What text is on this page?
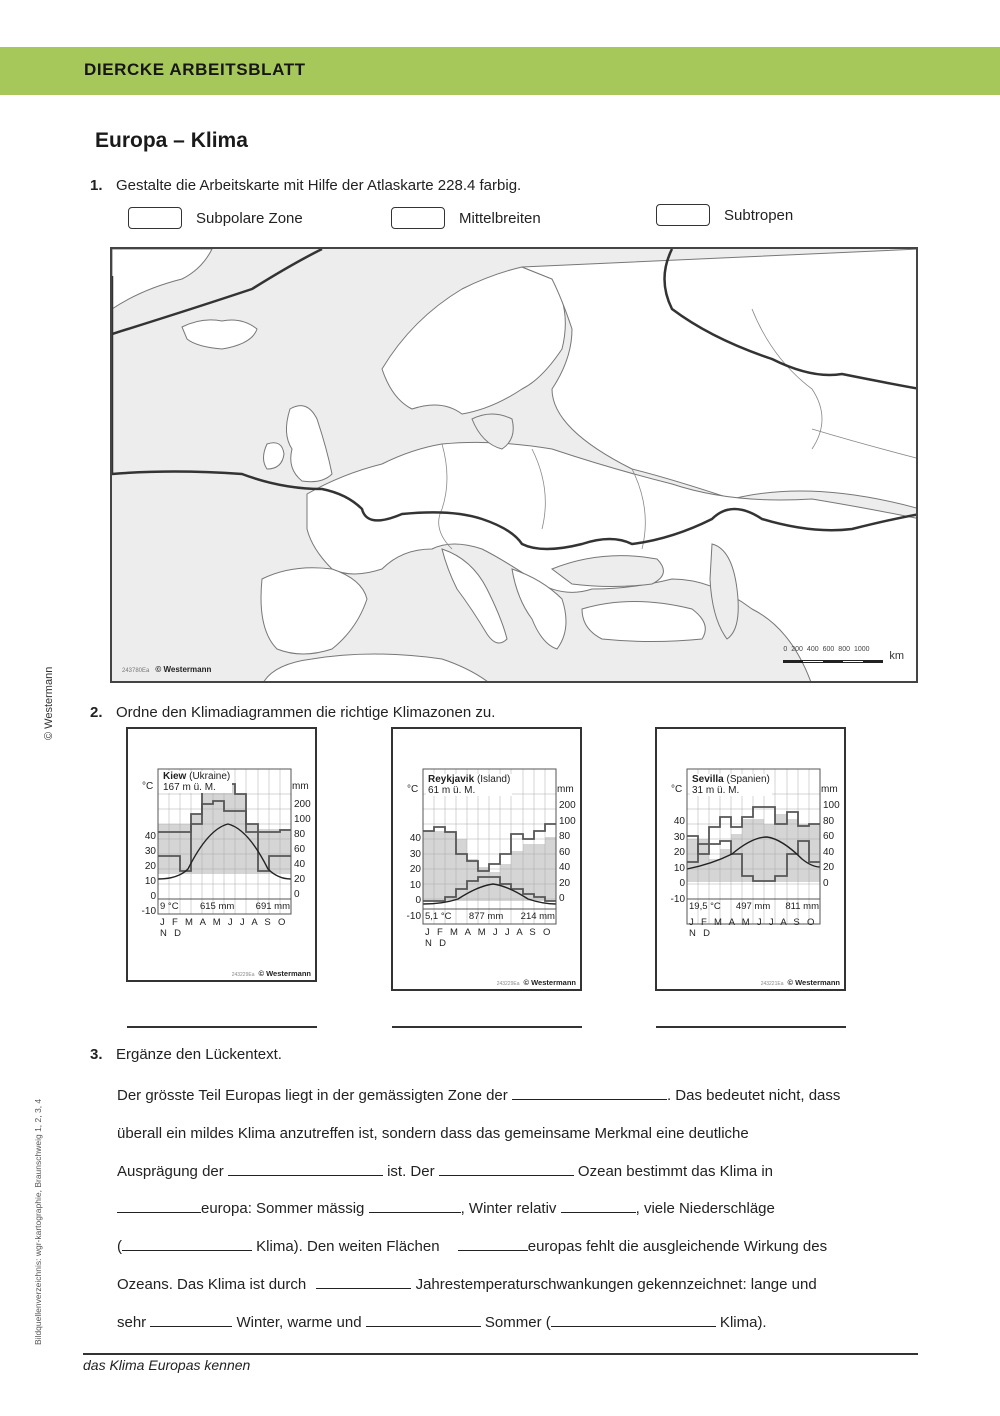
DIERCKE ARBEITSBLATT
Europa – Klima
1. Gestalte die Arbeitskarte mit Hilfe der Atlaskarte 228.4 farbig.
Subpolare Zone	Mittelbreiten	Subtropen
243780Ea © Westermann
0 200 400 600 800 1000
km
2. Ordne den Klimadiagrammen die richtige Klimazonen zu.
Kiew (Ukraine)
167 m ü. M.
°C	mm
40
30
20
10
0
-10
200
100
80
60
40
20
0
9 °C 615 mm 691 mm
J F M A M J J A S O N D
243229Ea © Westermann
Reykjavik (Island)
61 m ü. M.
°C	mm
40
30
20
10
0
-10
200
100
80
60
40
20
0
5,1 °C 877 mm 214 mm
J F M A M J J A S O N D
243229Ea © Westermann
Sevilla (Spanien)
31 m ü. M.
°C	mm
40
30
20
10
0
-10
100
80
60
40
20
0
19,5 °C 497 mm 811 mm
J F M A M J J A S O N D
243221Ea © Westermann
3. Ergänze den Lückentext.
Der grösste Teil Europas liegt in der gemässigten Zone der	. Das bedeutet nicht, dass
überall ein mildes Klima anzutreffen ist, sondern dass das gemeinsame Merkmal eine deutliche
Ausprägung der	ist. Der	Ozean bestimmt das Klima in
europa: Sommer mässig	, Winter relativ	, viele Niederschläge
(	Klima). Den weiten Flächen	europas fehlt die ausgleichende Wirkung des
Ozeans. Das Klima ist durch	Jahrestemperaturschwankungen gekennzeichnet: lange und
sehr	Winter, warme und	Sommer (	Klima).
das Klima Europas kennen
© Westermann
Bildquellenverzeichnis: wgr-kartographie, Braunschweig 1, 2, 3, 4
